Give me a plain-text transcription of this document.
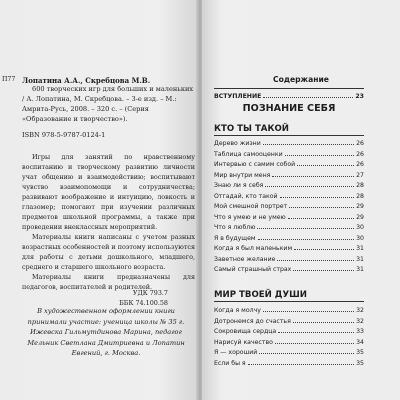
П77 Лопатина А.А., Скребцова М.В.
600 творческих игр для больших и маленьких / А. Лопатина, М. Скребцова. – 3-е изд. – М.: Амрита-Русь, 2008. – 320 с. – (Серия «Образование и творчество»).
ISBN 978-5-9787-0124-1

Игры для занятий по нравственному воспитанию и творческому развитию личности учат общению и взаимодействию; воспитывают чувство взаимопомощи и сотрудничества; развивают воображение и интуицию, ловкость и глазомер; помогают при изучении различных предметов школьной программы, а также при проведении внеклассных мероприятий.

Материалы книги написаны с учетом разных возрастных особенностей и поэтому используются для работы с детьми дошкольного, младшего, среднего и старшего школьного возраста.

Материалы книги предназначены для педагогов, воспитателей и родителей.

УДК 793.7
ББК 74.100.58
В художественном оформлении книги принимали участие: ученица школы № 35 г. Ижевска Гильмутдинова Марина, педагог Мельник Светлана Дмитриевна и Лопатин Евгений, г. Москва.
Содержание
ВСТУПЛЕНИЕ	23
ПОЗНАНИЕ СЕБЯ
КТО ТЫ ТАКОЙ
Дерево жизни	26
Таблица самооценки	26
Интервью с самим собой	26
Мир внутри меня	27
Знаю ли я себя	28
Отгадай, кто такой	28
Мой смешной портрет	29
Что я умею и не умею	29
Что я люблю	30
Я в будущем	30
Когда я был маленьким	31
Заветное желание	31
Самый страшный страх	31
МИР ТВОЕЙ ДУШИ
Когда я молчу	32
Дотронемся до счастья	32
Сокровища сердца	33
Нарисуй качество	34
Я — хороший	35
Если бы я	35
